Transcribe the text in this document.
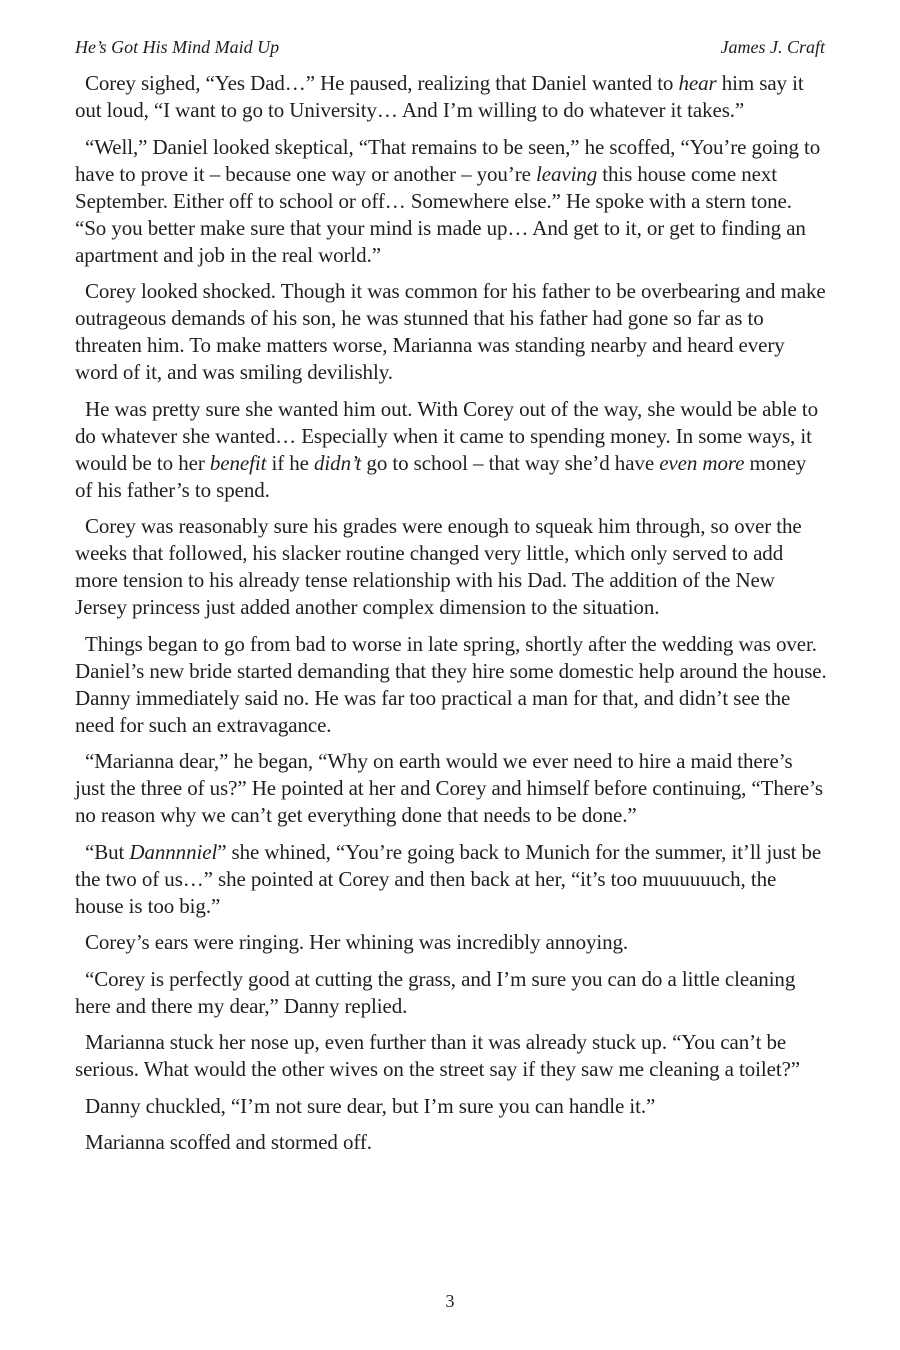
He’s Got His Mind Maid Up	James J. Craft

Corey sighed, “Yes Dad…” He paused, realizing that Daniel wanted to hear him say it out loud, “I want to go to University… And I’m willing to do whatever it takes.”

“Well,” Daniel looked skeptical, “That remains to be seen,” he scoffed, “You’re going to have to prove it – because one way or another – you’re leaving this house come next September. Either off to school or off… Somewhere else.” He spoke with a stern tone. “So you better make sure that your mind is made up… And get to it, or get to finding an apartment and job in the real world.”

Corey looked shocked. Though it was common for his father to be overbearing and make outrageous demands of his son, he was stunned that his father had gone so far as to threaten him. To make matters worse, Marianna was standing nearby and heard every word of it, and was smiling devilishly.

He was pretty sure she wanted him out. With Corey out of the way, she would be able to do whatever she wanted… Especially when it came to spending money. In some ways, it would be to her benefit if he didn’t go to school – that way she’d have even more money of his father’s to spend.

Corey was reasonably sure his grades were enough to squeak him through, so over the weeks that followed, his slacker routine changed very little, which only served to add more tension to his already tense relationship with his Dad. The addition of the New Jersey princess just added another complex dimension to the situation.

Things began to go from bad to worse in late spring, shortly after the wedding was over. Daniel’s new bride started demanding that they hire some domestic help around the house. Danny immediately said no. He was far too practical a man for that, and didn’t see the need for such an extravagance.

“Marianna dear,” he began, “Why on earth would we ever need to hire a maid there’s just the three of us?” He pointed at her and Corey and himself before continuing, “There’s no reason why we can’t get everything done that needs to be done.”

“But Dannnniel” she whined, “You’re going back to Munich for the summer, it’ll just be the two of us…” she pointed at Corey and then back at her, “it’s too muuuuuuch, the house is too big.”

Corey’s ears were ringing. Her whining was incredibly annoying.

“Corey is perfectly good at cutting the grass, and I’m sure you can do a little cleaning here and there my dear,” Danny replied.

Marianna stuck her nose up, even further than it was already stuck up. “You can’t be serious. What would the other wives on the street say if they saw me cleaning a toilet?”

Danny chuckled, “I’m not sure dear, but I’m sure you can handle it.”

Marianna scoffed and stormed off.

3
